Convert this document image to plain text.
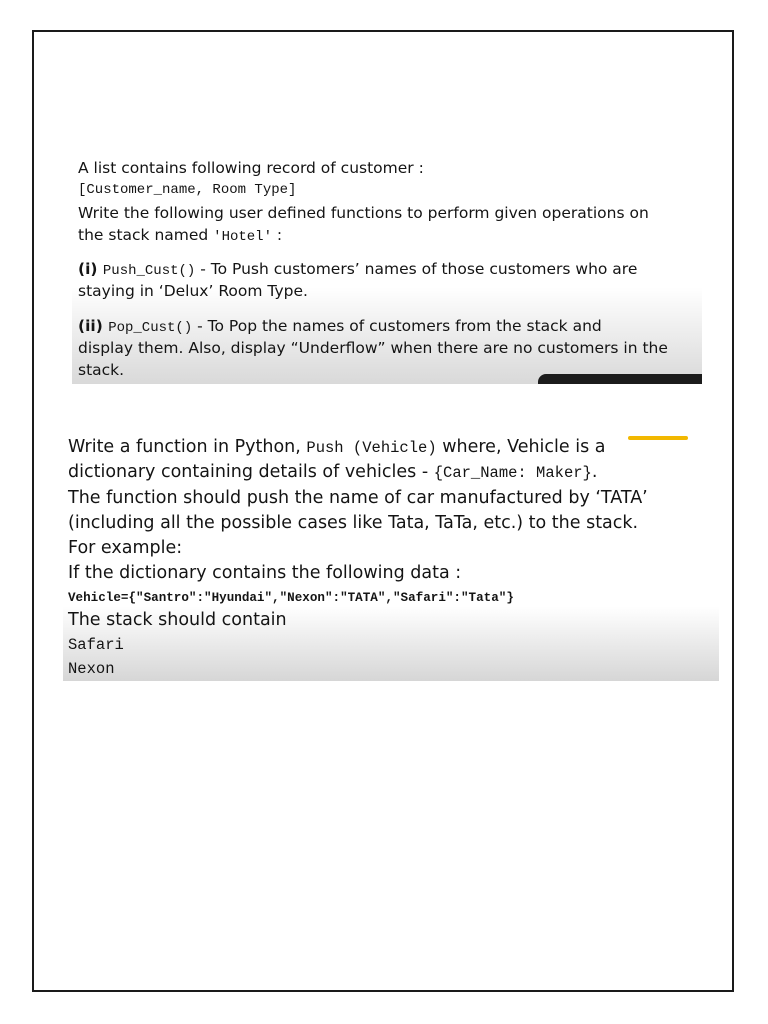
A list contains following record of customer :
[Customer_name, Room Type]
Write the following user defined functions to perform given operations on
the stack named 'Hotel' :
(i) Push_Cust() - To Push customers’ names of those customers who are
staying in ‘Delux’ Room Type.
(ii) Pop_Cust() - To Pop the names of customers from the stack and
display them. Also, display “Underflow” when there are no customers in the
stack.
Write a function in Python, Push (Vehicle) where, Vehicle is a
dictionary containing details of vehicles - {Car_Name: Maker}.
The function should push the name of car manufactured by ‘TATA’
(including all the possible cases like Tata, TaTa, etc.) to the stack.
For example:
If the dictionary contains the following data :
Vehicle={"Santro":"Hyundai","Nexon":"TATA","Safari":"Tata"}
The stack should contain
Safari
Nexon
